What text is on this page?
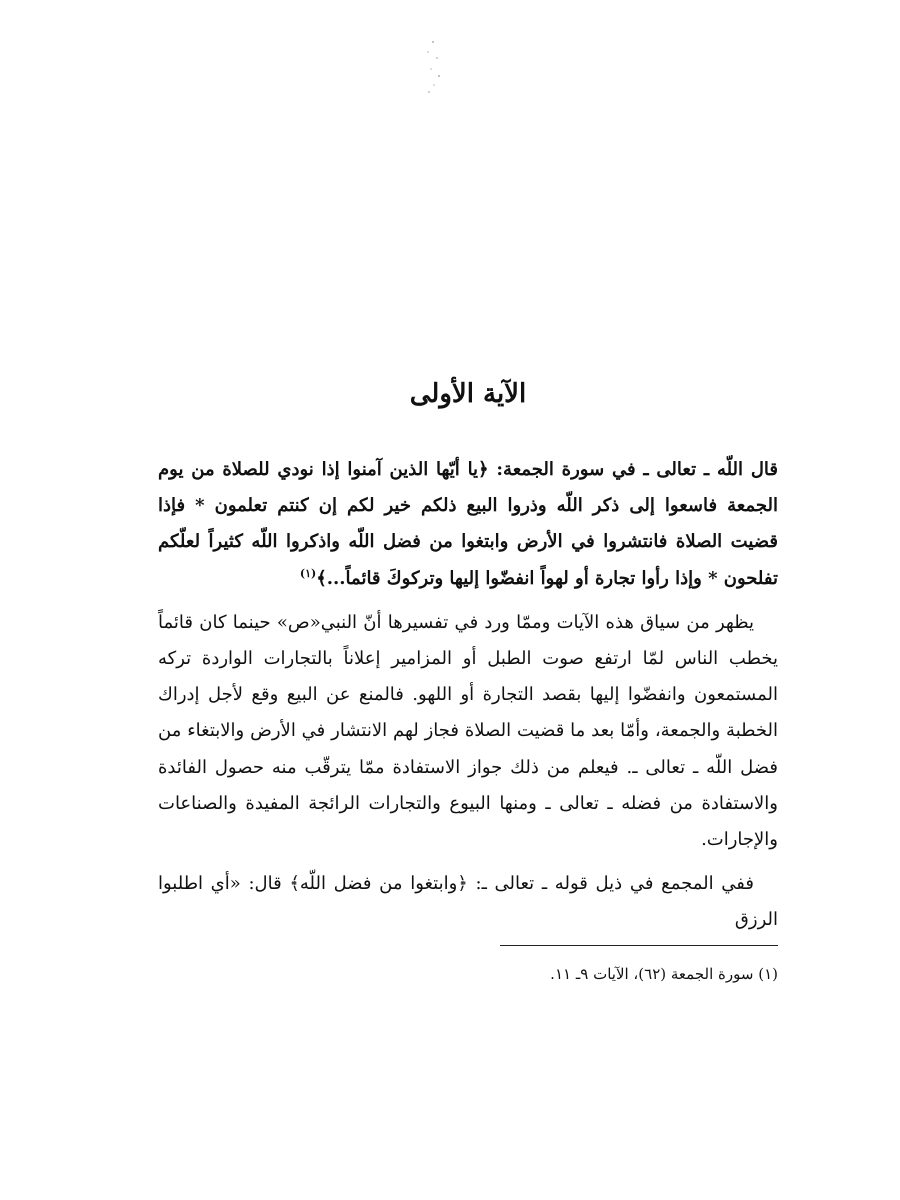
الآية الأولى

قال اللّه ـ تعالى ـ في سورة الجمعة: ﴿يا أيّها الذين آمنوا إذا نودي للصلاة من يوم الجمعة فاسعوا إلى ذكر اللّه وذروا البيع ذلكم خير لكم إن كنتم تعلمون * فإذا قضيت الصلاة فانتشروا في الأرض وابتغوا من فضل اللّه واذكروا اللّه كثيراً لعلّكم تفلحون * وإذا رأوا تجارة أو لهواً انفضّوا إليها وتركوكَ قائماً...﴾$^{(١)}$

يظهر من سياق هذه الآيات وممّا ورد في تفسيرها أنّ النبي«ص» حينما كان قائماً يخطب الناس لمّا ارتفع صوت الطبل أو المزامير إعلاناً بالتجارات الواردة تركه المستمعون وانفضّوا إليها بقصد التجارة أو اللهو. فالمنع عن البيع وقع لأجل إدراك الخطبة والجمعة، وأمّا بعد ما قضيت الصلاة فجاز لهم الانتشار في الأرض والابتغاء من فضل اللّه ـ تعالى ـ. فيعلم من ذلك جواز الاستفادة ممّا يترقّب منه حصول الفائدة والاستفادة من فضله ـ تعالى ـ ومنها البيوع والتجارات الرائجة المفيدة والصناعات والإجارات.

ففي المجمع في ذيل قوله ـ تعالى ـ: ﴿وابتغوا من فضل اللّه﴾ قال: «أي اطلبوا الرزق

(١) سورة الجمعة (٦٢)، الآيات ٩ـ ١١.
